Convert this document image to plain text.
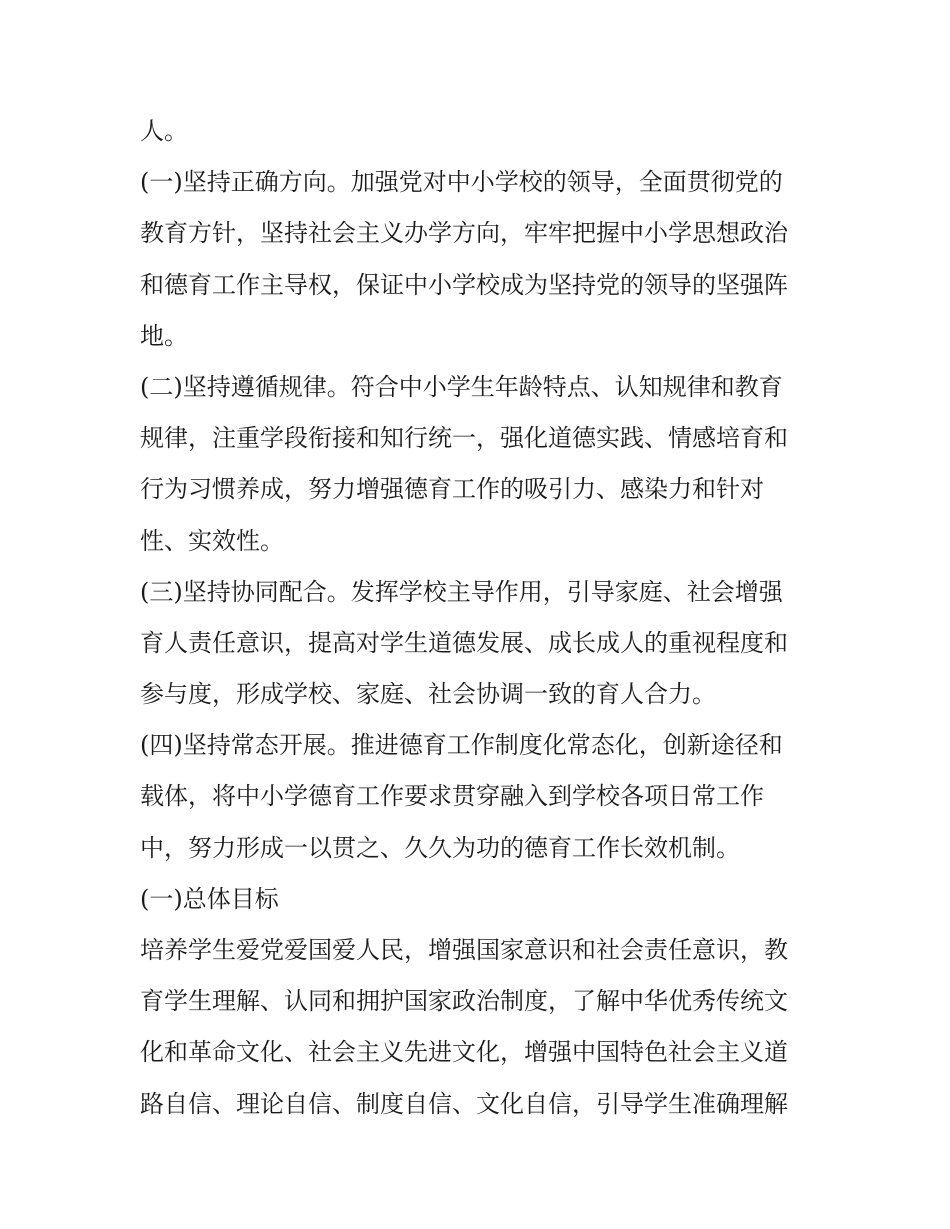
人。
(一)坚持正确方向。加强党对中小学校的领导，全面贯彻党的
教育方针，坚持社会主义办学方向，牢牢把握中小学思想政治
和德育工作主导权，保证中小学校成为坚持党的领导的坚强阵
地。
(二)坚持遵循规律。符合中小学生年龄特点、认知规律和教育
规律，注重学段衔接和知行统一，强化道德实践、情感培育和
行为习惯养成，努力增强德育工作的吸引力、感染力和针对
性、实效性。
(三)坚持协同配合。发挥学校主导作用，引导家庭、社会增强
育人责任意识，提高对学生道德发展、成长成人的重视程度和
参与度，形成学校、家庭、社会协调一致的育人合力。
(四)坚持常态开展。推进德育工作制度化常态化，创新途径和
载体，将中小学德育工作要求贯穿融入到学校各项日常工作
中，努力形成一以贯之、久久为功的德育工作长效机制。
(一)总体目标
培养学生爱党爱国爱人民，增强国家意识和社会责任意识，教
育学生理解、认同和拥护国家政治制度，了解中华优秀传统文
化和革命文化、社会主义先进文化，增强中国特色社会主义道
路自信、理论自信、制度自信、文化自信，引导学生准确理解
